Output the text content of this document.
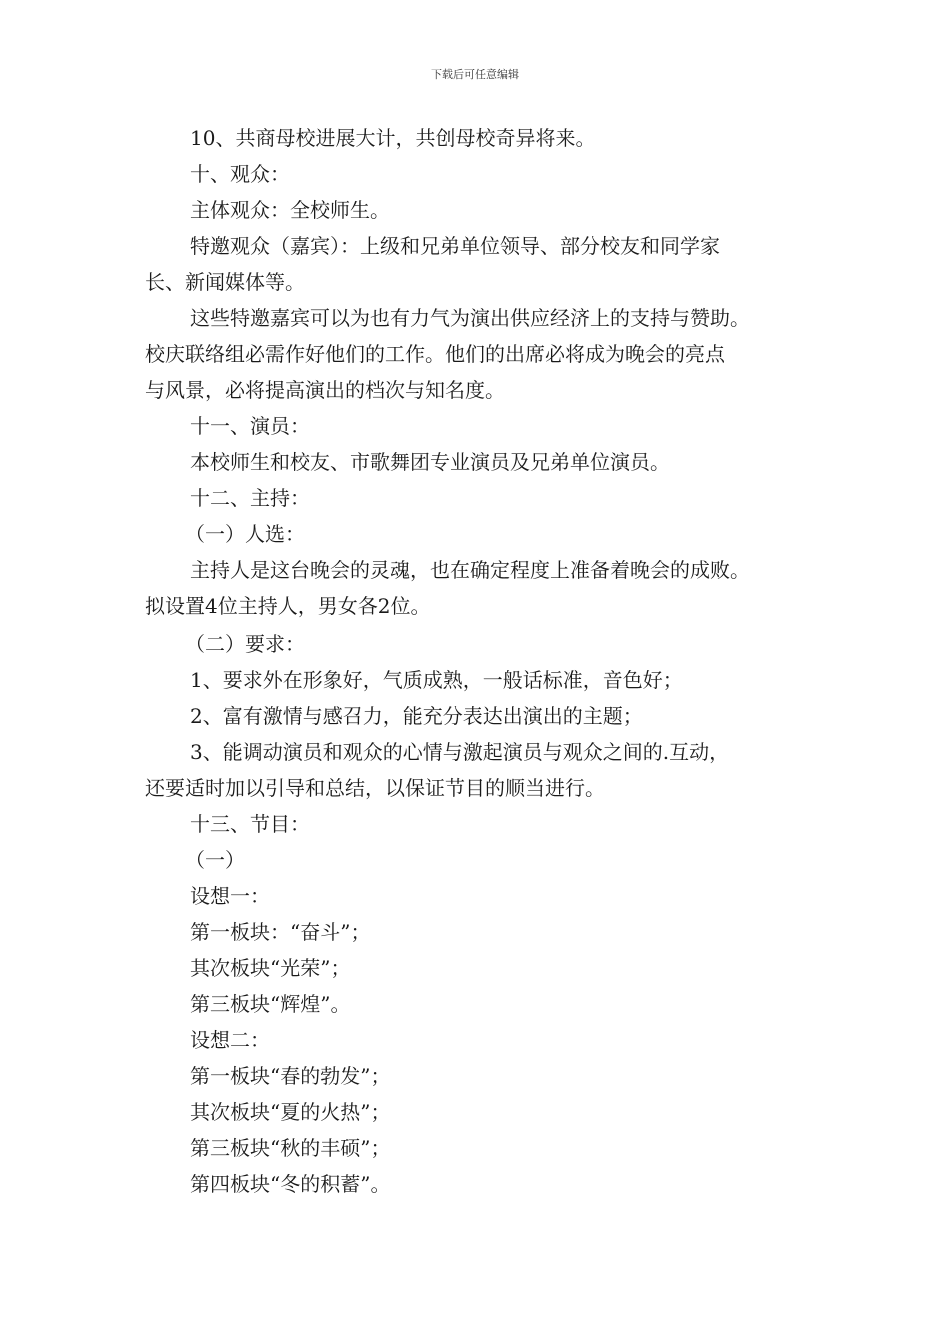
下载后可任意编辑
10、共商母校进展大计，共创母校奇异将来。
十、观众：
主体观众：全校师生。
特邀观众（嘉宾）：上级和兄弟单位领导、部分校友和同学家
长、新闻媒体等。
这些特邀嘉宾可以为也有力气为演出供应经济上的支持与赞助。
校庆联络组必需作好他们的工作。他们的出席必将成为晚会的亮点
与风景，必将提高演出的档次与知名度。
十一、演员：
本校师生和校友、市歌舞团专业演员及兄弟单位演员。
十二、主持：
（一）人选：
主持人是这台晚会的灵魂，也在确定程度上准备着晚会的成败。
拟设置4位主持人，男女各2位。
（二）要求：
1、要求外在形象好，气质成熟，一般话标准，音色好；
2、富有激情与感召力，能充分表达出演出的主题；
3、能调动演员和观众的心情与激起演员与观众之间的.互动，
还要适时加以引导和总结，以保证节目的顺当进行。
十三、节目：
（一）
设想一：
第一板块：“奋斗”；
其次板块“光荣”；
第三板块“辉煌”。
设想二：
第一板块“春的勃发”；
其次板块“夏的火热”；
第三板块“秋的丰硕”；
第四板块“冬的积蓄”。
